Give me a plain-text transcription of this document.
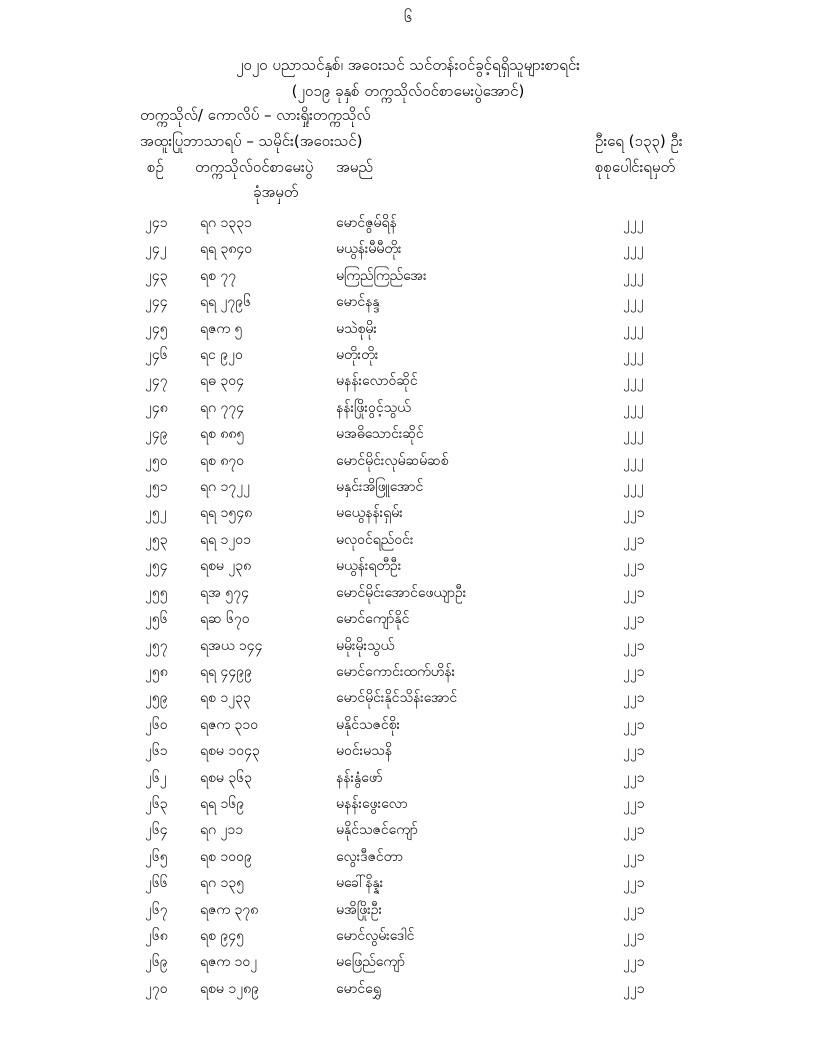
၆
၂၀၂၀ ပညာသင်နှစ်၊ အဝေးသင် သင်တန်းဝင်ခွင့်ရရှိသူများစာရင်း
(၂၀၁၉ ခုနှစ် တက္ကသိုလ်ဝင်စာမေးပွဲအောင်)
တက္ကသိုလ်/ ကောလိပ် – လားရှိုးတက္ကသိုလ်
အထူးပြုဘာသာရပ် – သမိုင်း(အဝေးသင်)	ဦးရေ (၁၃၃) ဦး
စဉ် တက္ကသိုလ်ဝင်စာမေးပွဲ
ခုံအမှတ်
အမည်	စုစုပေါင်းရမှတ်
၂၄၁ ရဂ ၁၃၃၁	မောင်ဇွမ်ရိန်	၂၂၂
၂၄၂ ရရ ၃၈၄၀	မယွန်းမီမီတိုး	၂၂၂
၂၄၃ ရစ ၇၇	မကြည်ကြည်အေး	၂၂၂
၂၄၄ ရရ ၂၇၉၆	မောင်နန္ဒ	၂၂၂
၂၄၅ ရဇက ၅	မသဲစုမိုး	၂၂၂
၂၄၆ ရင ၉၂၀	မတိုးတိုး	၂၂၂
၂၄၇ ရဓ ၃၀၄	မနန်းလောဝ်ဆိုင်	၂၂၂
၂၄၈ ရဂ ၇၇၄	နန်းဖြိုးဝွင့်သွယ်	၂၂၂
၂၄၉ ရစ ၈၈၅	မအဓိသောင်းဆိုင်	၂၂၂
၂၅၀ ရစ ၈၇၀	မောင်မိုင်းလုမ်ဆမ်ဆစ်	၂၂၂
၂၅၁ ရဂ ၁၇၂၂	မနှင်းအိဖြူအောင်	၂၂၂
၂၅၂ ရရ ၁၅၄၈	မယွေနန်းရှမ်း	၂၂၁
၂၅၃ ရရ ၁၂၀၁	မလုဝင်ရည်ဝင်း	၂၂၁
၂၅၄ ရစမ ၂၃၈	မယွန်းရတီဦး	၂၂၁
၂၅၅ ရအ ၅၇၄	မောင်မိုင်းအောင်ဖေယျာဦး	၂၂၁
၂၅၆ ရဆ ၆၇၀	မောင်ကျော်နိုင်	၂၂၁
၂၅၇ ရအယ ၁၄၄	မမိုးမိုးသွယ်	၂၂၁
၂၅၈ ရရ ၄၄၉၉	မောင်ကောင်းထက်ဟိန်း	၂၂၁
၂၅၉ ရစ ၁၂၃၃	မောင်မိုင်းနိုင်သိန်းအောင်	၂၂၁
၂၆၀ ရဇက ၃၁၀	မနိုင်သဇင်စိုး	၂၂၁
၂၆၁ ရစမ ၁၀၄၃	မဝင်းမသနိ	၂၂၁
၂၆၂ ရစမ ၃၆၃	နန်းနွံဖော်	၂၂၁
၂၆၃ ရရ ၁၆၉	မနန်းဖွေးလော	၂၂၁
၂၆၄ ရဂ ၂၁၁	မနိုင်သဇင်ကျော်	၂၂၁
၂၆၅ ရစ ၁၀၀၉	လွေးဒီဇင်တာ	၂၂၁
၂၆၆ ရဂ ၁၃၅	မခေါ်နိန္နး	၂၂၁
၂၆၇ ရဇက ၃၇၈	မအိဖြိုးဦး	၂၂၁
၂၆၈ ရစ ၉၄၅	မောင်လွမ်းဒေါင်	၂၂၁
၂၆၉ ရဇက ၁၀၂	မဖြေည်ကျော်	၂၂၁
၂၇၀ ရစမ ၁၂၈၉	မောင်ရွှေ	၂၂၁
